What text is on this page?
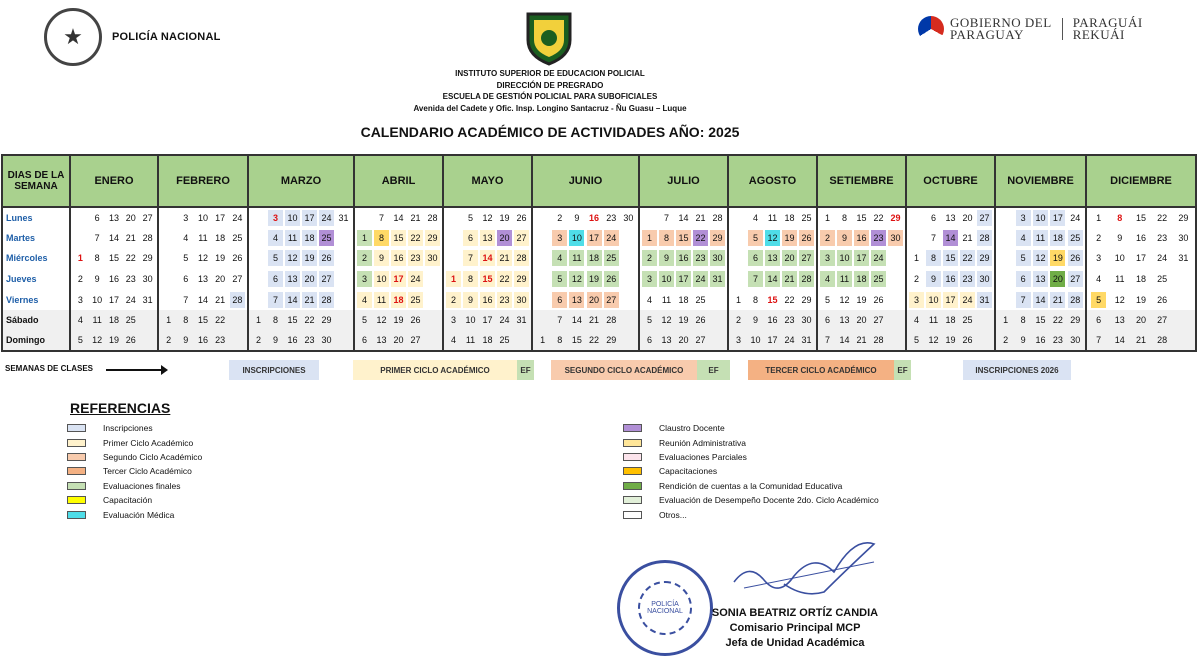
★	POLICÍA NACIONAL
GOBIERNO DEL
PARAGUAY
PARAGUÁI
REKUÁI
INSTITUTO SUPERIOR DE EDUCACION POLICIAL
DIRECCIÓN DE PREGRADO
ESCUELA DE GESTIÓN POLICIAL PARA SUBOFICIALES
Avenida del Cadete y Ofic. Insp. Longino Santacruz - Ñu Guasu – Luque
CALENDARIO ACADÉMICO DE ACTIVIDADES AÑO: 2025
DIAS DE LA SEMANA	ENERO	FEBRERO	MARZO	ABRIL	MAYO	JUNIO	JULIO	AGOSTO	SETIEMBRE	OCTUBRE	NOVIEMBRE	DICIEMBRE
Lunes	6 13 20 27	3 10 17 24	3 10 17 24 31	7 14 21 28	5 12 19 26	2 9 16 23 30	7 14 21 28	4 11 18 25	1 8 15 22 29	6 13 20 27	3 10 17 24	1 8 15 22 29

Martes	7 14 21 28	4 11 18 25	4 11 18 25	1 8 15 22 29	6 13 20 27	3 10 17 24	1 8 15 22 29	5 12 19 26	2 9 16 23 30	7 14 21 28	4 11 18 25	2 9 16 23 30

Miércoles	1 8 15 22 29	5 12 19 26	5 12 19 26	2 9 16 23 30	7 14 21 28	4 11 18 25	2 9 16 23 30	6 13 20 27	3 10 17 24	1 8 15 22 29	5 12 19 26	3 10 17 24 31

Jueves	2 9 16 23 30	6 13 20 27	6 13 20 27	3 10 17 24	1 8 15 22 29	5 12 19 26	3 10 17 24 31	7 14 21 28	4 11 18 25	2 9 16 23 30	6 13 20 27	4 11 18 25

Viernes	3 10 17 24 31	7 14 21 28	7 14 21 28	4 11 18 25	2 9 16 23 30	6 13 20 27	4 11 18 25	1 8 15 22 29	5 12 19 26	3 10 17 24 31	7 14 21 28	5 12 19 26

Sábado	4 11 18 25	1 8 15 22	1 8 15 22 29	5 12 19 26	3 10 17 24 31	7 14 21 28	5 12 19 26	2 9 16 23 30	6 13 20 27	4 11 18 25	1 8 15 22 29	6 13 20 27

Domingo	5 12 19 26	2 9 16 23	2 9 16 23 30	6 13 20 27	4 11 18 25	1 8 15 22 29	6 13 20 27	3 10 17 24 31	7 14 21 28	5 12 19 26	2 9 16 23 30	7 14 21 28
SEMANAS DE CLASES	INSCRIPCIONES	PRIMER CICLO ACADÉMICO	EF	SEGUNDO CICLO ACADÉMICO	EF	TERCER CICLO ACADÉMICO	EF	INSCRIPCIONES 2026
REFERENCIAS
Inscripciones
Primer Ciclo Académico
Segundo Ciclo Académico
Tercer Ciclo Académico
Evaluaciones finales
Capacitación
Evaluación Médica
Claustro Docente
Reunión Administrativa
Evaluaciones Parciales
Capacitaciones
Rendición de cuentas a la Comunidad Educativa
Evaluación de Desempeño Docente 2do. Ciclo Académico
Otros...
POLICÍA NACIONAL	SONIA BEATRIZ ORTÍZ CANDIA
Comisario Principal MCP
Jefa de Unidad Académica
